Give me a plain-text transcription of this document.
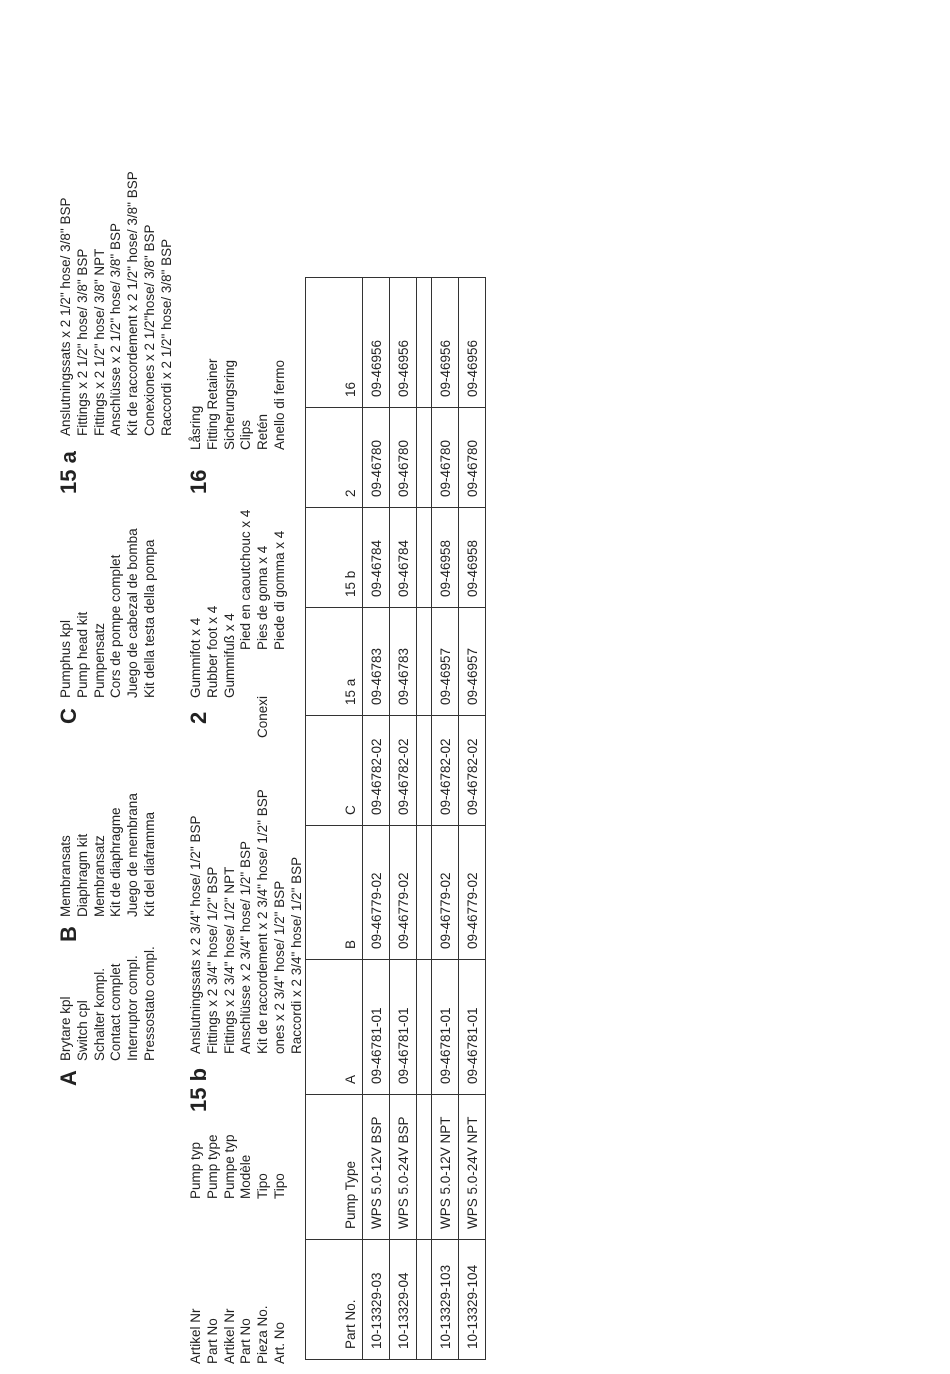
A
Brytare kpl Switch cpl Schalter kompl. Contact complet Interruptor compl. Pressostato compl.
B
Membransats Diaphragm kit Membransatz Kit de diaphragme Juego de membrana Kit del diaframma
C
Pumphus kpl Pump head kit Pumpensatz Cors de pompe complet Juego de cabezal de bomba Kit della testa della pompa
15 a
Anslutningssats x 2 1/2" hose/ 3/8" BSP Fittings x 2 1/2" hose/ 3/8" BSP Fittings x 2 1/2" hose/ 3/8" NPT Anschlüsse x 2 1/2" hose/ 3/8" BSP Kit de raccordement x 2 1/2" hose/ 3/8" BSP Conexiones x 2 1/2"hose/ 3/8" BSP Raccordi x 2 1/2" hose/ 3/8" BSP
Artikel Nr Part No Artikel Nr Part No Pieza No. Art. No
Pump typ Pump type Pumpe typ Modèle Tipo Tipo
15 b
Anslutningssats x 2 3/4" hose/ 1/2" BSP Fittings x 2 3/4" hose/ 1/2" BSP Fittings x 2 3/4" hose/ 1/2" NPT Anschlüsse x 2 3/4" hose/ 1/2" BSP Kit de raccordement x 2 3/4" hose/ 1/2" BSP ones x 2 3/4" hose/ 1/2" BSP Raccordi x 2 3/4" hose/ 1/2" BSP
2
Gummifot x 4 Rubber foot x 4 Gummifuß x 4
Pied en caoutchouc x 4 Pies de goma x 4 Piede di gomma x 4
Conexi
16
Låsring Fitting Retainer Sicherungsring Clips Retén Anello di fermo
Part No.	Pump Type	A	B	C	15 a	15 b	2	16
10-13329-03	WPS 5.0-12V BSP	09-46781-01	09-46779-02	09-46782-02	09-46783	09-46784	09-46780	09-46956
10-13329-04	WPS 5.0-24V BSP	09-46781-01	09-46779-02	09-46782-02	09-46783	09-46784	09-46780	09-46956

10-13329-103	WPS 5.0-12V NPT	09-46781-01	09-46779-02	09-46782-02	09-46957	09-46958	09-46780	09-46956
10-13329-104	WPS 5.0-24V NPT	09-46781-01	09-46779-02	09-46782-02	09-46957	09-46958	09-46780	09-46956
